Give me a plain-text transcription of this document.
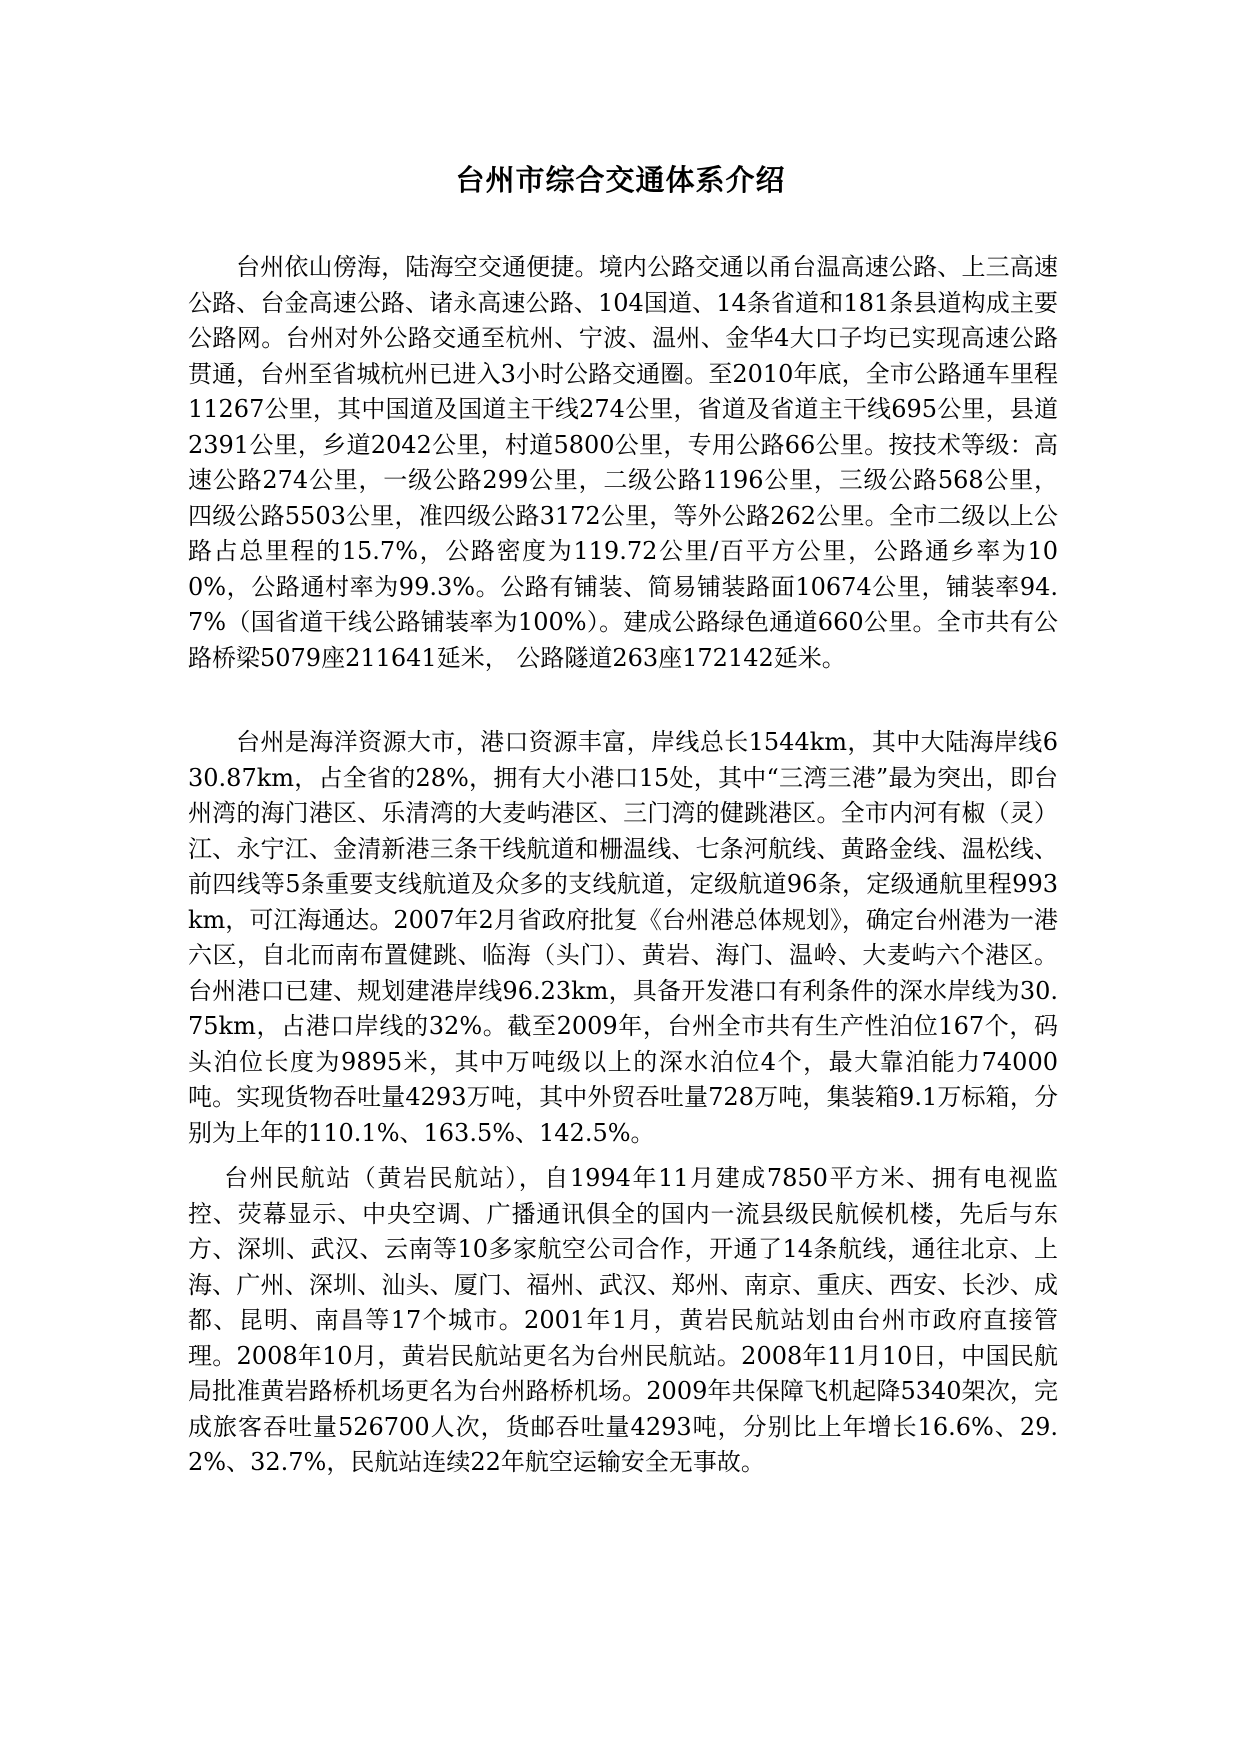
台州市综合交通体系介绍

台州依山傍海，陆海空交通便捷。境内公路交通以甬台温高速公路、上三高速公路、台金高速公路、诸永高速公路、104国道、14条省道和181条县道构成主要公路网。台州对外公路交通至杭州、宁波、温州、金华4大口子均已实现高速公路贯通，台州至省城杭州已进入3小时公路交通圈。至2010年底，全市公路通车里程11267公里，其中国道及国道主干线274公里，省道及省道主干线695公里，县道2391公里，乡道2042公里，村道5800公里，专用公路66公里。按技术等级：高速公路274公里，一级公路299公里，二级公路1196公里，三级公路568公里，四级公路5503公里，准四级公路3172公里，等外公路262公里。全市二级以上公路占总里程的15.7%，公路密度为119.72公里/百平方公里，公路通乡率为100%，公路通村率为99.3%。公路有铺装、简易铺装路面10674公里，铺装率94.7%（国省道干线公路铺装率为100%）。建成公路绿色通道660公里。全市共有公路桥梁5079座211641延米， 公路隧道263座172142延米。

台州是海洋资源大市，港口资源丰富，岸线总长1544km，其中大陆海岸线630.87km，占全省的28%，拥有大小港口15处，其中“三湾三港”最为突出，即台州湾的海门港区、乐清湾的大麦屿港区、三门湾的健跳港区。全市内河有椒（灵）江、永宁江、金清新港三条干线航道和栅温线、七条河航线、黄路金线、温松线、前四线等5条重要支线航道及众多的支线航道，定级航道96条，定级通航里程993km，可江海通达。2007年2月省政府批复《台州港总体规划》，确定台州港为一港六区，自北而南布置健跳、临海（头门）、黄岩、海门、温岭、大麦屿六个港区。台州港口已建、规划建港岸线96.23km，具备开发港口有利条件的深水岸线为30.75km，占港口岸线的32%。截至2009年，台州全市共有生产性泊位167个，码头泊位长度为9895米，其中万吨级以上的深水泊位4个，最大靠泊能力74000吨。实现货物吞吐量4293万吨，其中外贸吞吐量728万吨，集装箱9.1万标箱，分别为上年的110.1%、163.5%、142.5%。

台州民航站（黄岩民航站），自1994年11月建成7850平方米、拥有电视监控、荧幕显示、中央空调、广播通讯俱全的国内一流县级民航候机楼，先后与东方、深圳、武汉、云南等10多家航空公司合作，开通了14条航线，通往北京、上海、广州、深圳、汕头、厦门、福州、武汉、郑州、南京、重庆、西安、长沙、成都、昆明、南昌等17个城市。2001年1月，黄岩民航站划由台州市政府直接管理。2008年10月，黄岩民航站更名为台州民航站。2008年11月10日，中国民航局批准黄岩路桥机场更名为台州路桥机场。2009年共保障飞机起降5340架次，完成旅客吞吐量526700人次，货邮吞吐量4293吨，分别比上年增长16.6%、29.2%、32.7%，民航站连续22年航空运输安全无事故。
